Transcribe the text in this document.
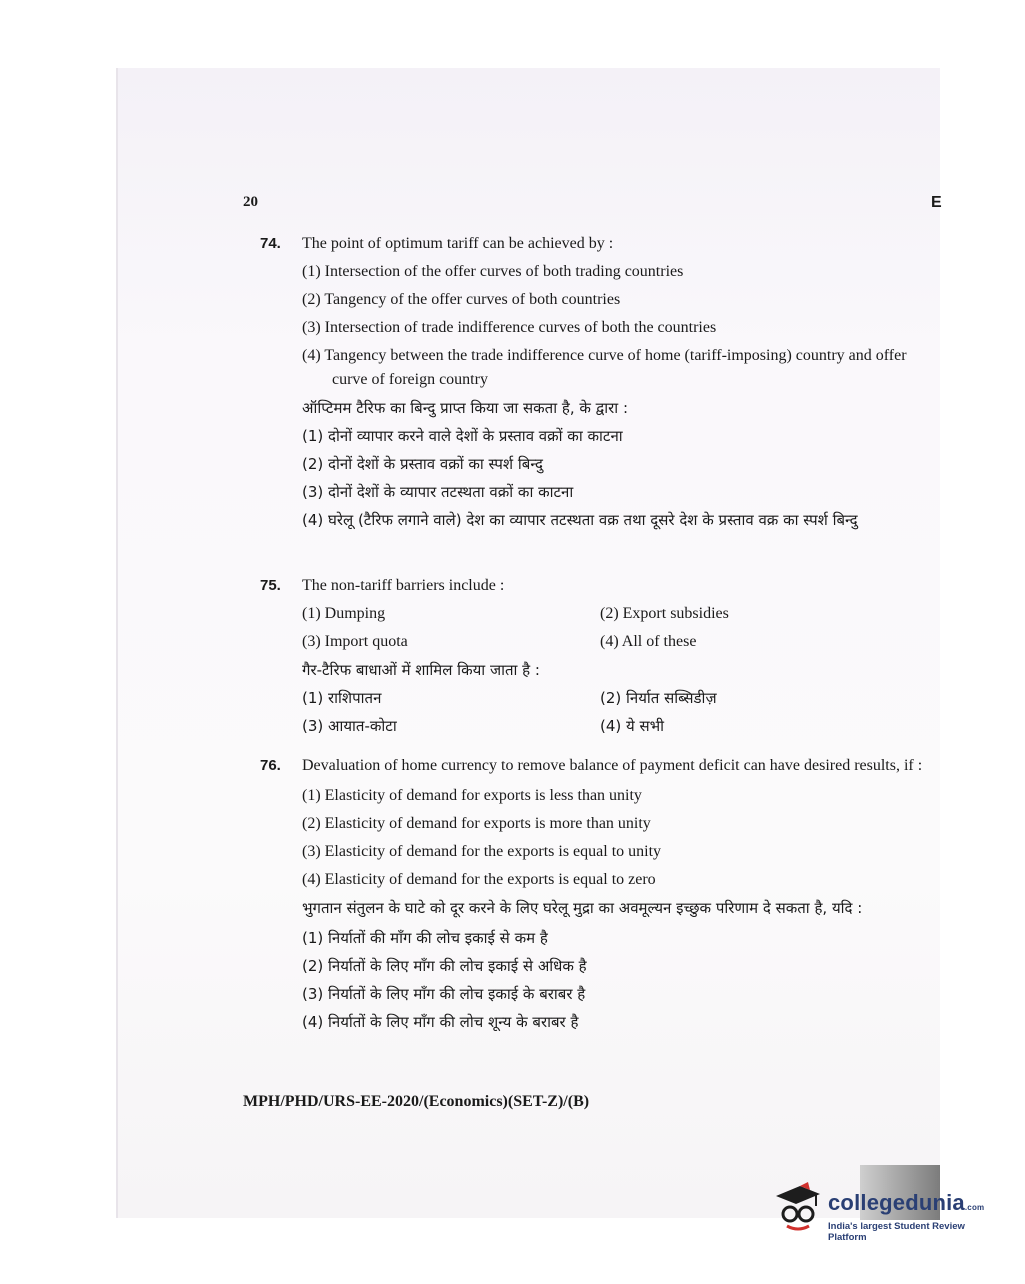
20	E
74. The point of optimum tariff can be achieved by :
(1) Intersection of the offer curves of both trading countries
(2) Tangency of the offer curves of both countries
(3) Intersection of trade indifference curves of both the countries
(4) Tangency between the trade indifference curve of home (tariff-imposing) country and offer curve of foreign country
ऑप्टिमम टैरिफ का बिन्दु प्राप्त किया जा सकता है, के द्वारा :
(1) दोनों व्यापार करने वाले देशों के प्रस्ताव वक्रों का काटना
(2) दोनों देशों के प्रस्ताव वक्रों का स्पर्श बिन्दु
(3) दोनों देशों के व्यापार तटस्थता वक्रों का काटना
(4) घरेलू (टैरिफ लगाने वाले) देश का व्यापार तटस्थता वक्र तथा दूसरे देश के प्रस्ताव वक्र का स्पर्श बिन्दु
75. The non-tariff barriers include :
(1) Dumping	(2) Export subsidies
(3) Import quota	(4) All of these
गैर-टैरिफ बाधाओं में शामिल किया जाता है :
(1) राशिपातन	(2) निर्यात सब्सिडीज़
(3) आयात-कोटा	(4) ये सभी
76. Devaluation of home currency to remove balance of payment deficit can have desired results, if :
(1) Elasticity of demand for exports is less than unity
(2) Elasticity of demand for exports is more than unity
(3) Elasticity of demand for the exports is equal to unity
(4) Elasticity of demand for the exports is equal to zero
भुगतान संतुलन के घाटे को दूर करने के लिए घरेलू मुद्रा का अवमूल्यन इच्छुक परिणाम दे सकता है, यदि :
(1) निर्यातों की माँग की लोच इकाई से कम है
(2) निर्यातों के लिए माँग की लोच इकाई से अधिक है
(3) निर्यातों के लिए माँग की लोच इकाई के बराबर है
(4) निर्यातों के लिए माँग की लोच शून्य के बराबर है
MPH/PHD/URS-EE-2020/(Economics)(SET-Z)/(B)
collegedunia.com
India's largest Student Review Platform
